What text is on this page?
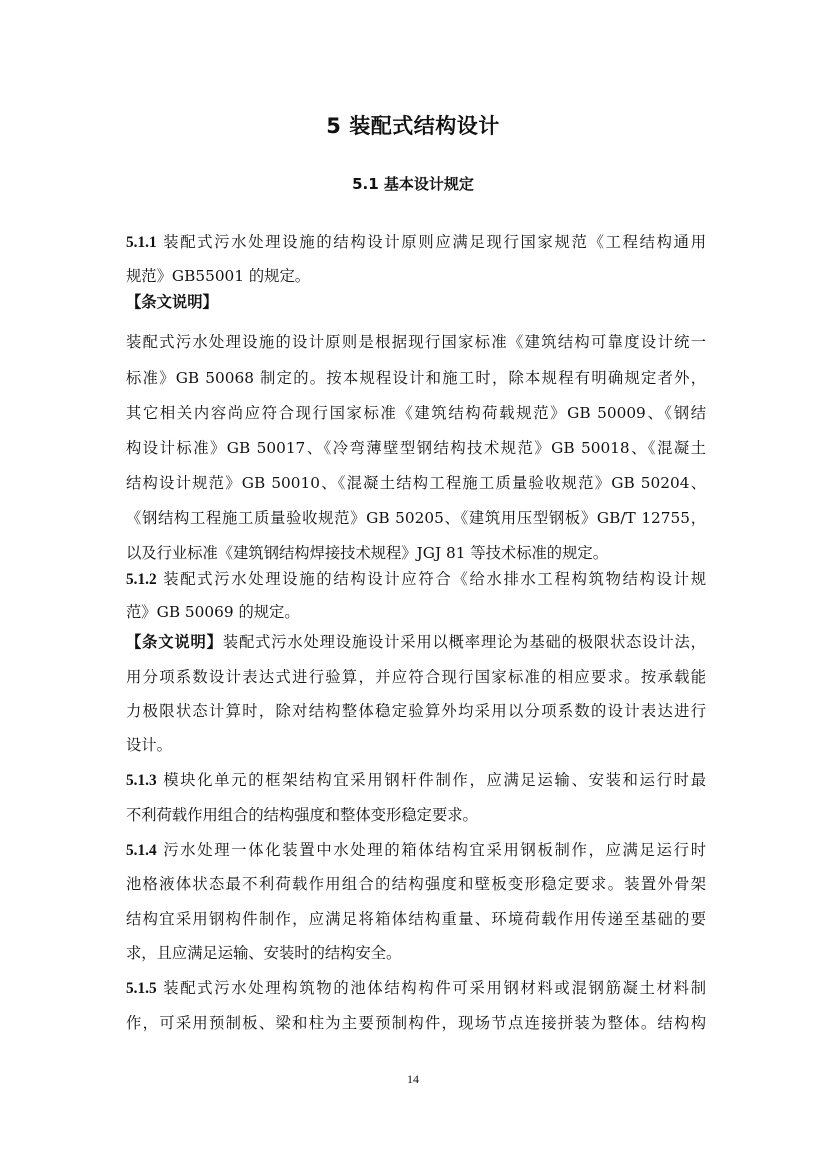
5 装配式结构设计
5.1 基本设计规定
5.1.1 装配式污水处理设施的结构设计原则应满足现行国家规范《工程结构通用
规范》GB55001 的规定。
【条文说明】
装配式污水处理设施的设计原则是根据现行国家标准《建筑结构可靠度设计统一
标准》GB 50068 制定的。按本规程设计和施工时，除本规程有明确规定者外，
其它相关内容尚应符合现行国家标准《建筑结构荷载规范》GB 50009、《钢结
构设计标准》GB 50017、《冷弯薄壁型钢结构技术规范》GB 50018、《混凝土
结构设计规范》GB 50010、《混凝土结构工程施工质量验收规范》GB 50204、
《钢结构工程施工质量验收规范》GB 50205、《建筑用压型钢板》GB/T 12755，
以及行业标准《建筑钢结构焊接技术规程》JGJ 81 等技术标准的规定。
5.1.2 装配式污水处理设施的结构设计应符合《给水排水工程构筑物结构设计规
范》GB 50069 的规定。
【条文说明】装配式污水处理设施设计采用以概率理论为基础的极限状态设计法，
用分项系数设计表达式进行验算，并应符合现行国家标准的相应要求。按承载能
力极限状态计算时，除对结构整体稳定验算外均采用以分项系数的设计表达进行
设计。
5.1.3 模块化单元的框架结构宜采用钢杆件制作，应满足运输、安装和运行时最
不利荷载作用组合的结构强度和整体变形稳定要求。
5.1.4 污水处理一体化装置中水处理的箱体结构宜采用钢板制作，应满足运行时
池格液体状态最不利荷载作用组合的结构强度和壁板变形稳定要求。装置外骨架
结构宜采用钢构件制作，应满足将箱体结构重量、环境荷载作用传递至基础的要
求，且应满足运输、安装时的结构安全。
5.1.5 装配式污水处理构筑物的池体结构构件可采用钢材料或混钢筋凝土材料制
作，可采用预制板、梁和柱为主要预制构件，现场节点连接拼装为整体。结构构
14
